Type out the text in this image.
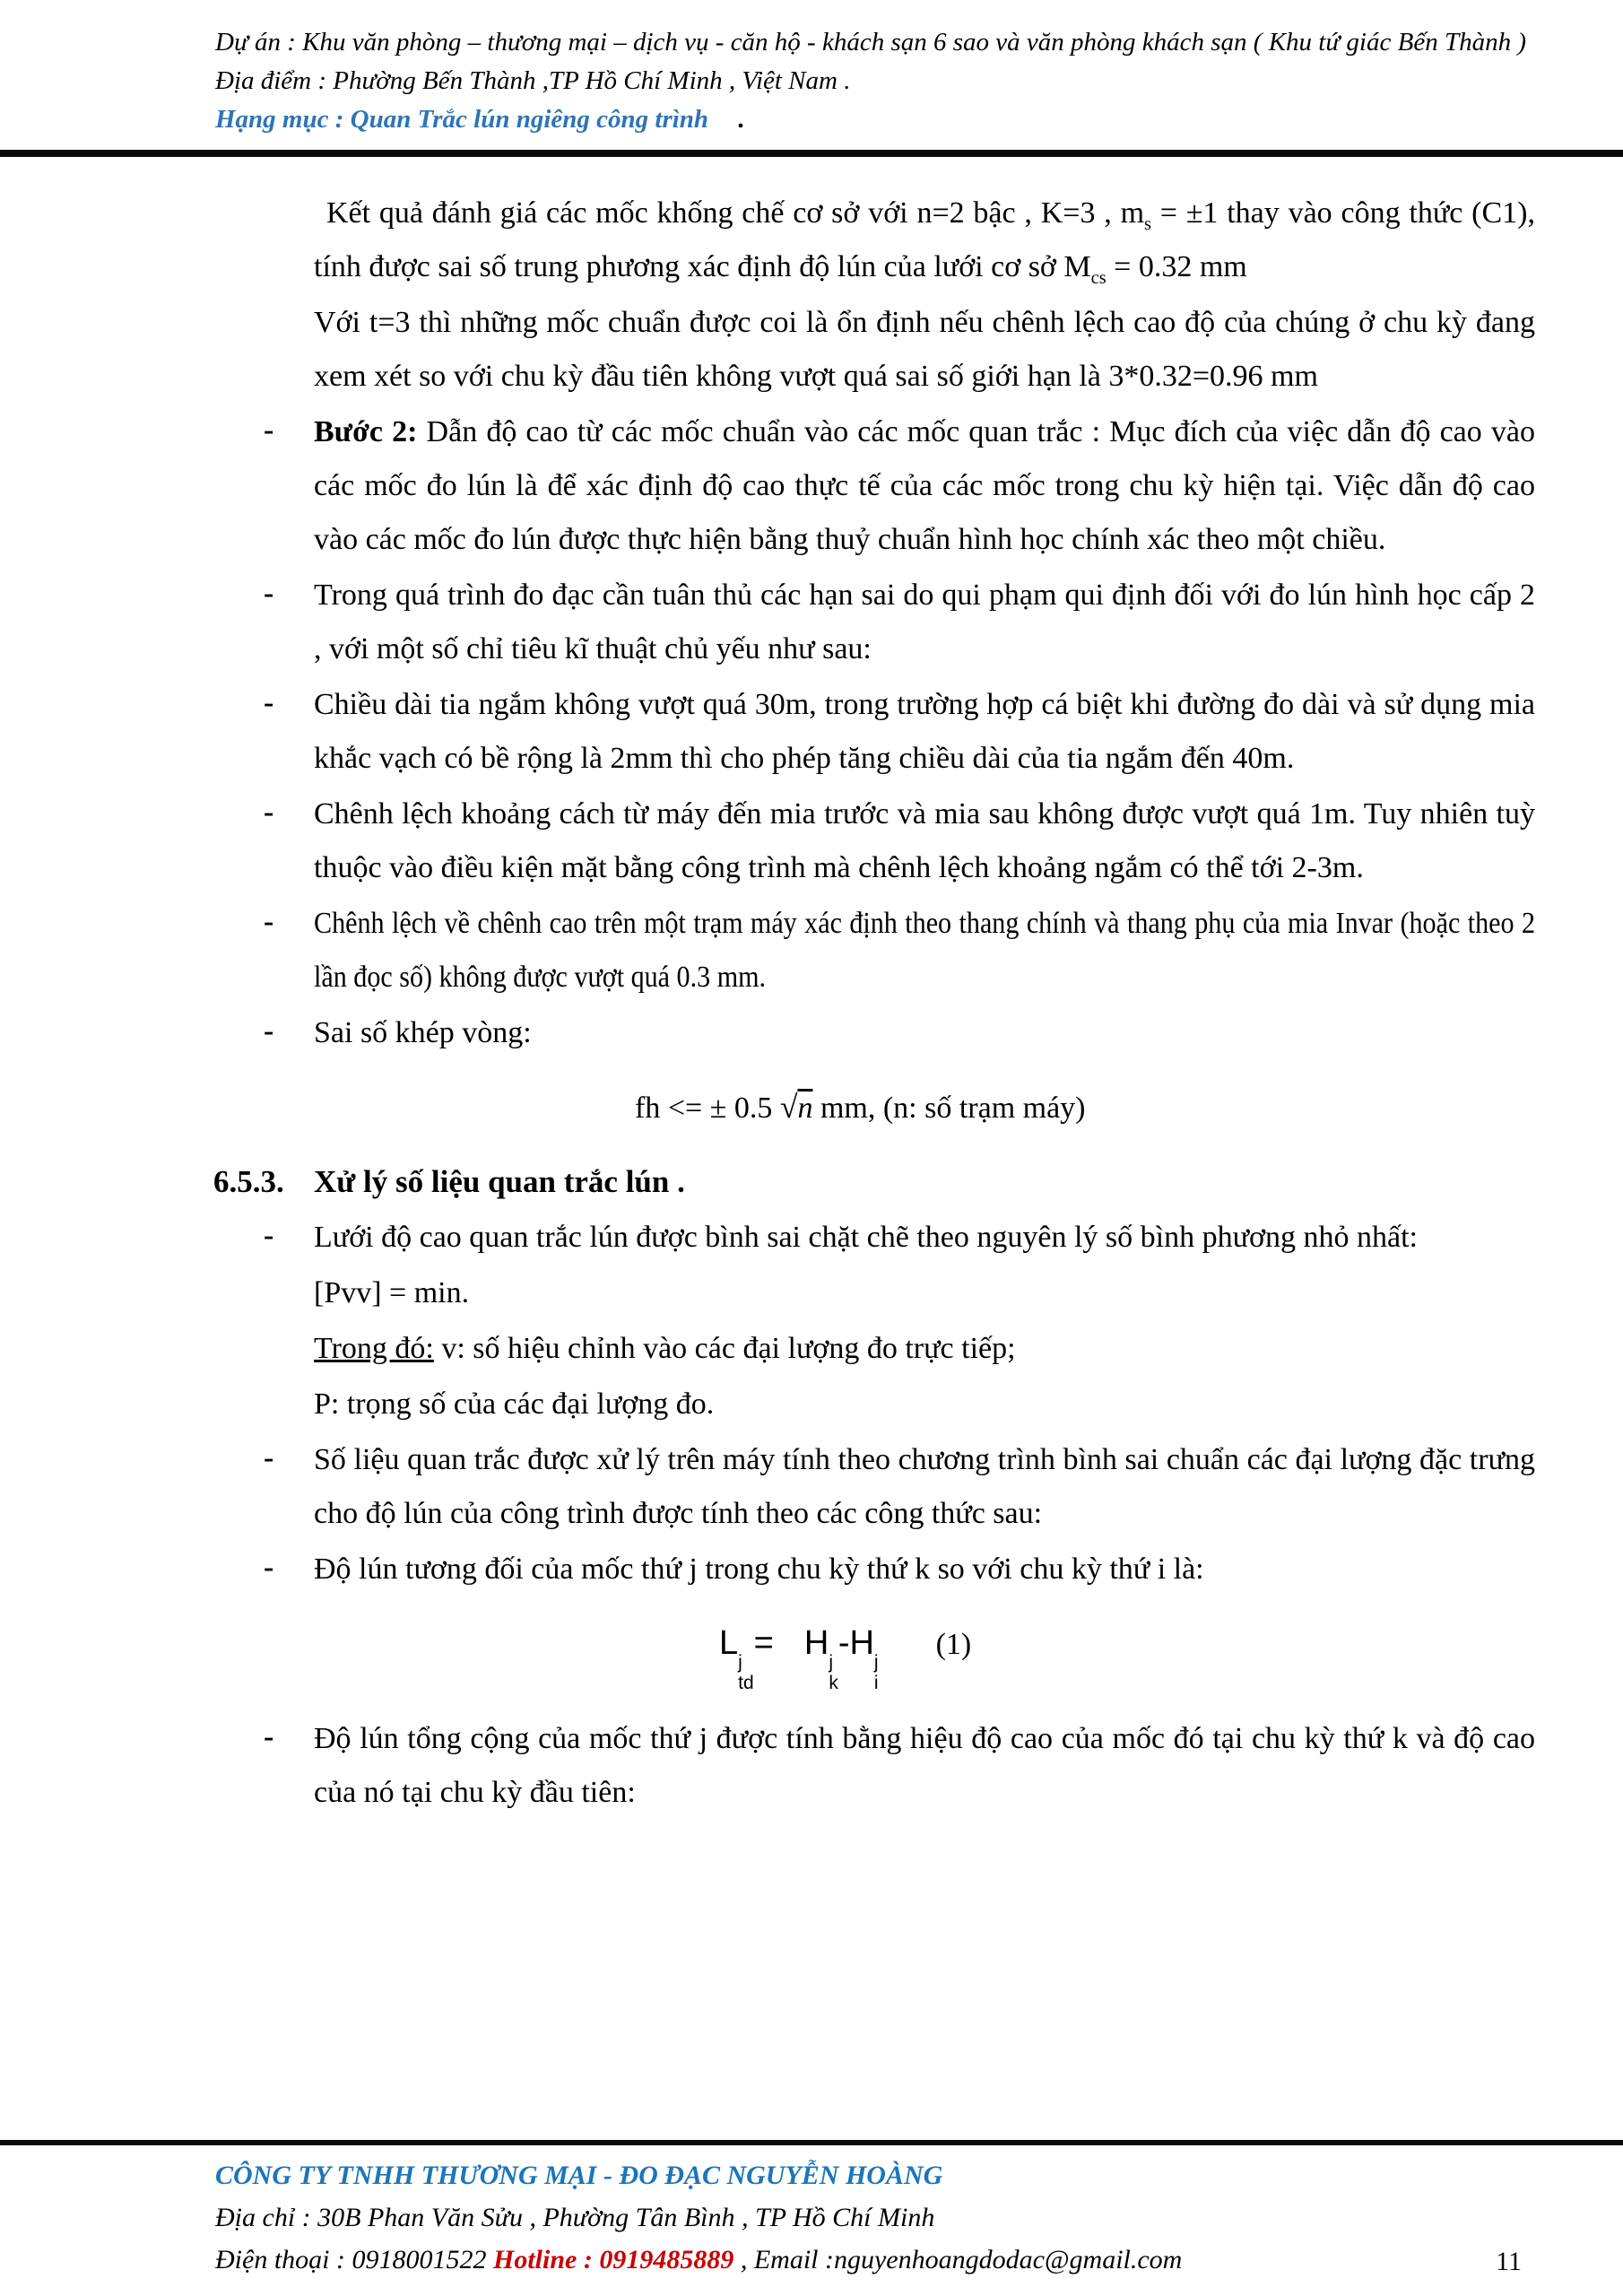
Dự án : Khu văn phòng – thương mại – dịch vụ - căn hộ - khách sạn 6 sao và văn phòng khách sạn ( Khu tứ giác Bến Thành )
Địa điểm : Phường Bến Thành ,TP Hồ Chí Minh , Việt Nam .
Hạng mục : Quan Trắc lún ngiêng công trình .

Kết quả đánh giá các mốc khống chế cơ sở với n=2 bậc , K=3 , $m_s = \pm 1$ thay vào công thức (C1), tính được sai số trung phương xác định độ lún của lưới cơ sở $M_{cs} = 0.32$ mm

Với t=3 thì những mốc chuẩn được coi là ổn định nếu chênh lệch cao độ của chúng ở chu kỳ đang xem xét so với chu kỳ đầu tiên không vượt quá sai số giới hạn là 3*0.32=0.96 mm

- Bước 2: Dẫn độ cao từ các mốc chuẩn vào các mốc quan trắc : Mục đích của việc dẫn độ cao vào các mốc đo lún là để xác định độ cao thực tế của các mốc trong chu kỳ hiện tại. Việc dẫn độ cao vào các mốc đo lún được thực hiện bằng thuỷ chuẩn hình học chính xác theo một chiều.

- Trong quá trình đo đạc cần tuân thủ các hạn sai do qui phạm qui định đối với đo lún hình học cấp 2 , với một số chỉ tiêu kĩ thuật chủ yếu như sau:

- Chiều dài tia ngắm không vượt quá 30m, trong trường hợp cá biệt khi đường đo dài và sử dụng mia khắc vạch có bề rộng là 2mm thì cho phép tăng chiều dài của tia ngắm đến 40m.

- Chênh lệch khoảng cách từ máy đến mia trước và mia sau không được vượt quá 1m. Tuy nhiên tuỳ thuộc vào điều kiện mặt bằng công trình mà chênh lệch khoảng ngắm có thể tới 2-3m.

- Chênh lệch về chênh cao trên một trạm máy xác định theo thang chính và thang phụ của mia Invar (hoặc theo 2 lần đọc số) không được vượt quá 0.3 mm.

- Sai số khép vòng:

fh <= ± 0.5 √n mm, (n: số trạm máy)

6.5.3. Xử lý số liệu quan trắc lún .

- Lưới độ cao quan trắc lún được bình sai chặt chẽ theo nguyên lý số bình phương nhỏ nhất:

[Pvv] = min.

Trong đó: v: số hiệu chỉnh vào các đại lượng đo trực tiếp;

P: trọng số của các đại lượng đo.

- Số liệu quan trắc được xử lý trên máy tính theo chương trình bình sai chuẩn các đại lượng đặc trưng cho độ lún của công trình được tính theo các công thức sau:

- Độ lún tương đối của mốc thứ j trong chu kỳ thứ k so với chu kỳ thứ i là:

L
j
td
= H
j
k
-H
j
i
(1)
- Độ lún tổng cộng của mốc thứ j được tính bằng hiệu độ cao của mốc đó tại chu kỳ thứ k và độ cao của nó tại chu kỳ đầu tiên:

CÔNG TY TNHH THƯƠNG MẠI - ĐO ĐẠC NGUYỄN HOÀNG
Địa chỉ : 30B Phan Văn Sửu , Phường Tân Bình , TP Hồ Chí Minh
Điện thoại : 0918001522 Hotline : 0919485889 , Email :nguyenhoangdodac@gmail.com	11
